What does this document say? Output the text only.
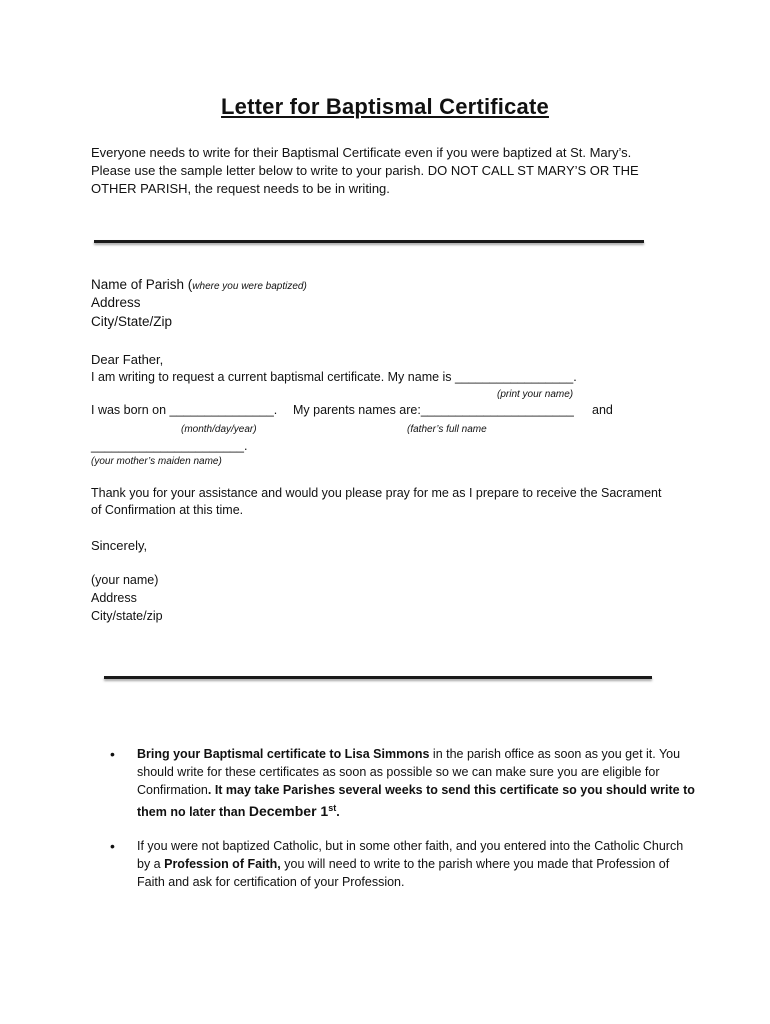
Letter for Baptismal Certificate
Everyone needs to write for their Baptismal Certificate even if you were baptized at St. Mary’s.
Please use the sample letter below to write to your parish. DO NOT CALL ST MARY’S OR THE
OTHER PARISH, the request needs to be in writing.
Name of Parish (where you were baptized)
Address
City/State/Zip
Dear Father,
I am writing to request a current baptismal certificate. My name is _________________.
(print your name)
I was born on _______________. My parents names are:______________________ and
(month/day/year)	(father’s full name
______________________.
(your mother’s maiden name)
Thank you for your assistance and would you please pray for me as I prepare to receive the Sacrament
of Confirmation at this time.
Sincerely,
(your name)
Address
City/state/zip
• Bring your Baptismal certificate to Lisa Simmons in the parish office as soon as you get it. You should write for these certificates as soon as possible so we can make sure you are eligible for Confirmation. It may take Parishes several weeks to send this certificate so you should write to them no later than December 1st.
• If you were not baptized Catholic, but in some other faith, and you entered into the Catholic Church by a Profession of Faith, you will need to write to the parish where you made that Profession of Faith and ask for certification of your Profession.
